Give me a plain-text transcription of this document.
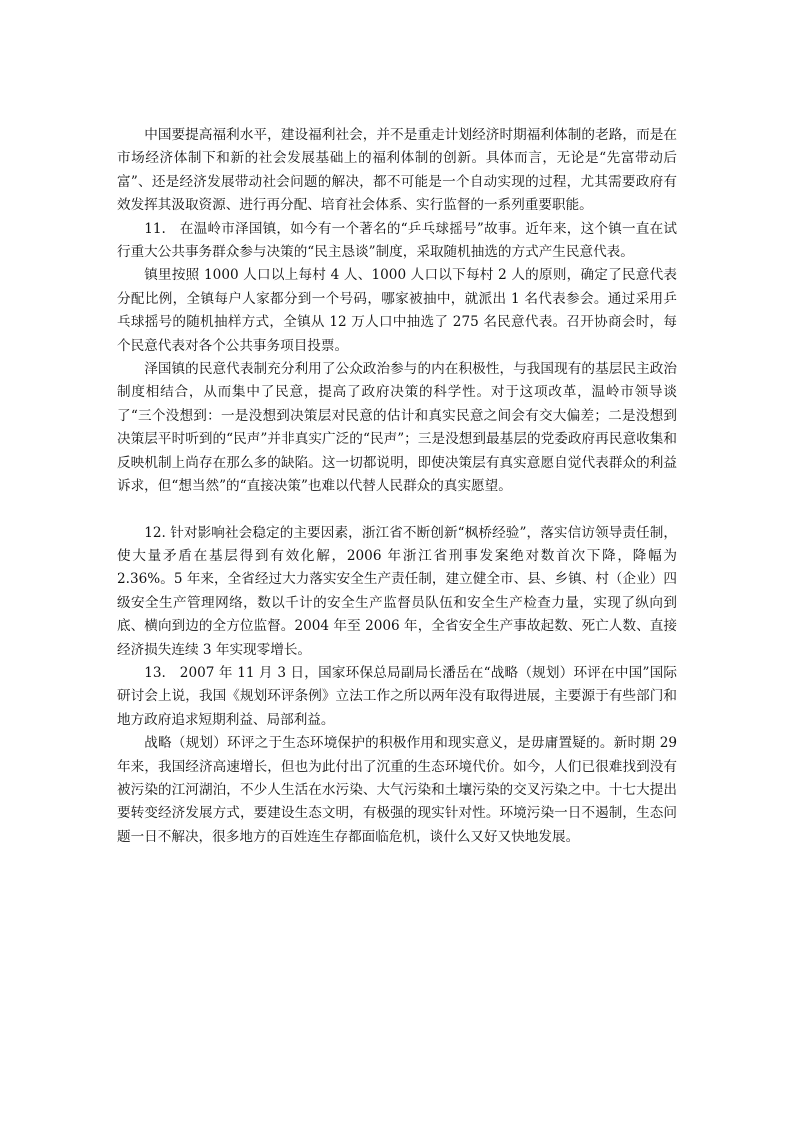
中国要提高福利水平，建设福利社会，并不是重走计划经济时期福利体制的老路，而是在市场经济体制下和新的社会发展基础上的福利体制的创新。具体而言，无论是“先富带动后富”、还是经济发展带动社会问题的解决，都不可能是一个自动实现的过程，尤其需要政府有效发挥其汲取资源、进行再分配、培育社会体系、实行监督的一系列重要职能。

11.　在温岭市泽国镇，如今有一个著名的“乒乓球摇号”故事。近年来，这个镇一直在试行重大公共事务群众参与决策的“民主恳谈”制度，采取随机抽选的方式产生民意代表。

镇里按照 1000 人口以上每村 4 人、1000 人口以下每村 2 人的原则，确定了民意代表分配比例，全镇每户人家都分到一个号码，哪家被抽中，就派出 1 名代表参会。通过采用乒乓球摇号的随机抽样方式，全镇从 12 万人口中抽选了 275 名民意代表。召开协商会时，每个民意代表对各个公共事务项目投票。

泽国镇的民意代表制充分利用了公众政治参与的内在积极性，与我国现有的基层民主政治制度相结合，从而集中了民意，提高了政府决策的科学性。对于这项改革，温岭市领导谈了“三个没想到：一是没想到决策层对民意的估计和真实民意之间会有交大偏差；二是没想到决策层平时听到的“民声”并非真实广泛的“民声”；三是没想到最基层的党委政府再民意收集和反映机制上尚存在那么多的缺陷。这一切都说明，即使决策层有真实意愿自觉代表群众的利益诉求，但“想当然”的“直接决策”也难以代替人民群众的真实愿望。

12. 针对影响社会稳定的主要因素，浙江省不断创新“枫桥经验”，落实信访领导责任制，使大量矛盾在基层得到有效化解，2006 年浙江省刑事发案绝对数首次下降，降幅为 2.36%。5 年来，全省经过大力落实安全生产责任制，建立健全市、县、乡镇、村（企业）四级安全生产管理网络，数以千计的安全生产监督员队伍和安全生产检查力量，实现了纵向到底、横向到边的全方位监督。2004 年至 2006 年，全省安全生产事故起数、死亡人数、直接经济损失连续 3 年实现零增长。

13.　2007 年 11 月 3 日，国家环保总局副局长潘岳在“战略（规划）环评在中国”国际研讨会上说，我国《规划环评条例》立法工作之所以两年没有取得进展，主要源于有些部门和地方政府追求短期利益、局部利益。

战略（规划）环评之于生态环境保护的积极作用和现实意义，是毋庸置疑的。新时期 29 年来，我国经济高速增长，但也为此付出了沉重的生态环境代价。如今，人们已很难找到没有被污染的江河湖泊，不少人生活在水污染、大气污染和土壤污染的交叉污染之中。十七大提出要转变经济发展方式，要建设生态文明，有极强的现实针对性。环境污染一日不遏制，生态问题一日不解决，很多地方的百姓连生存都面临危机，谈什么又好又快地发展。
